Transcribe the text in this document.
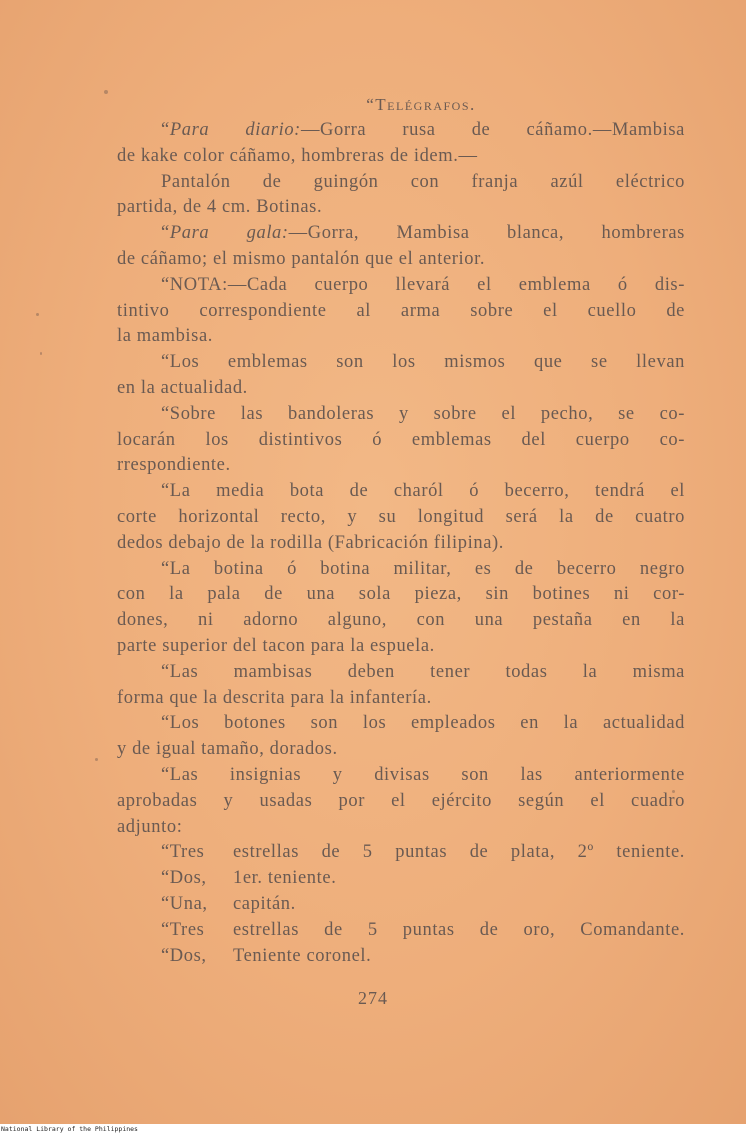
“Telégrafos.

“Para diario:—Gorra rusa de cáñamo.—Mambisa
de kake color cáñamo, hombreras de idem.—

Pantalón de guingón con franja azúl eléctrico
partida, de 4 cm. Botinas.

“Para gala:—Gorra, Mambisa blanca, hombreras
de cáñamo; el mismo pantalón que el anterior.

“NOTA:—Cada cuerpo llevará el emblema ó dis-
tintivo correspondiente al arma sobre el cuello de
la mambisa.

“Los emblemas son los mismos que se llevan
en la actualidad.

“Sobre las bandoleras y sobre el pecho, se co-
locarán los distintivos ó emblemas del cuerpo co-
rrespondiente.

“La media bota de charól ó becerro, tendrá el
corte horizontal recto, y su longitud será la de cuatro
dedos debajo de la rodilla (Fabricación filipina).

“La botina ó botina militar, es de becerro negro
con la pala de una sola pieza, sin botines ni cor-
dones, ni adorno alguno, con una pestaña en la
parte superior del tacon para la espuela.

“Las mambisas deben tener todas la misma
forma que la descrita para la infantería.

“Los botones son los empleados en la actualidad
y de igual tamaño, dorados.

“Las insignias y divisas son las anteriormente
aprobadas y usadas por el ejército según el cuadro
adjunto:

“Tres estrellas de 5 puntas de plata, 2º teniente.
“Dos, 1er. teniente.
“Una, capitán.
“Tres estrellas de 5 puntas de oro, Comandante.
“Dos, Teniente coronel.
274
National Library of the Philippines
